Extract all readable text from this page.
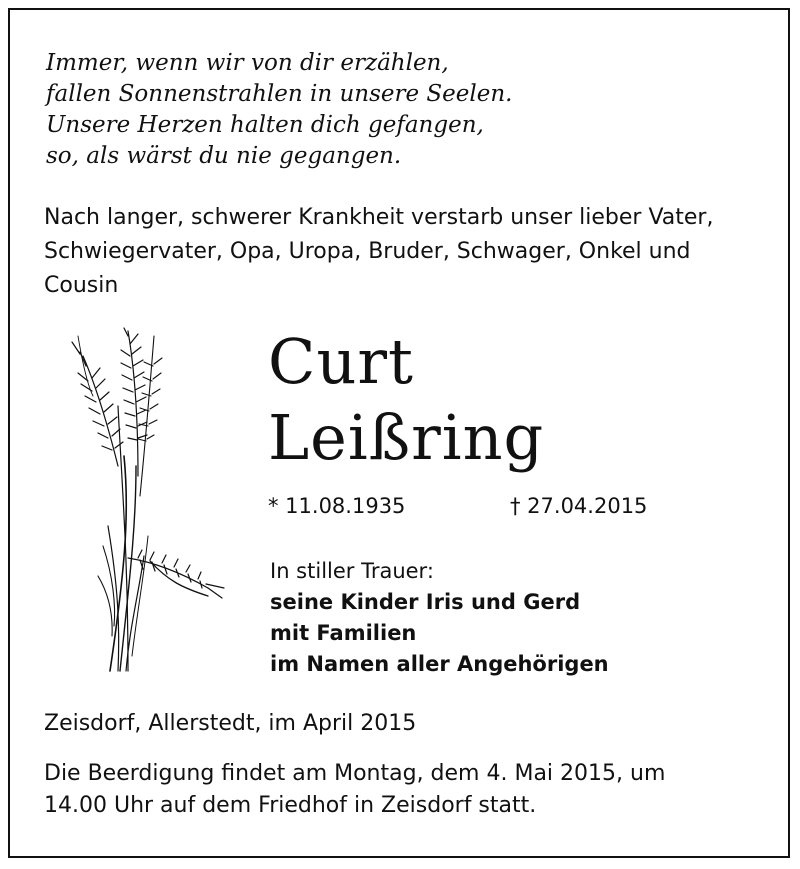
Immer, wenn wir von dir erzählen,
fallen Sonnenstrahlen in unsere Seelen.
Unsere Herzen halten dich gefangen,
so, als wärst du nie gegangen.
Nach langer, schwerer Krankheit verstarb unser lieber Vater,
Schwiegervater, Opa, Uropa, Bruder, Schwager, Onkel und
Cousin
Curt
Leißring
* 11.08.1935	† 27.04.2015
In stiller Trauer:
seine Kinder Iris und Gerd
mit Familien
im Namen aller Angehörigen
Zeisdorf, Allerstedt, im April 2015
Die Beerdigung findet am Montag, dem 4. Mai 2015, um
14.00 Uhr auf dem Friedhof in Zeisdorf statt.
